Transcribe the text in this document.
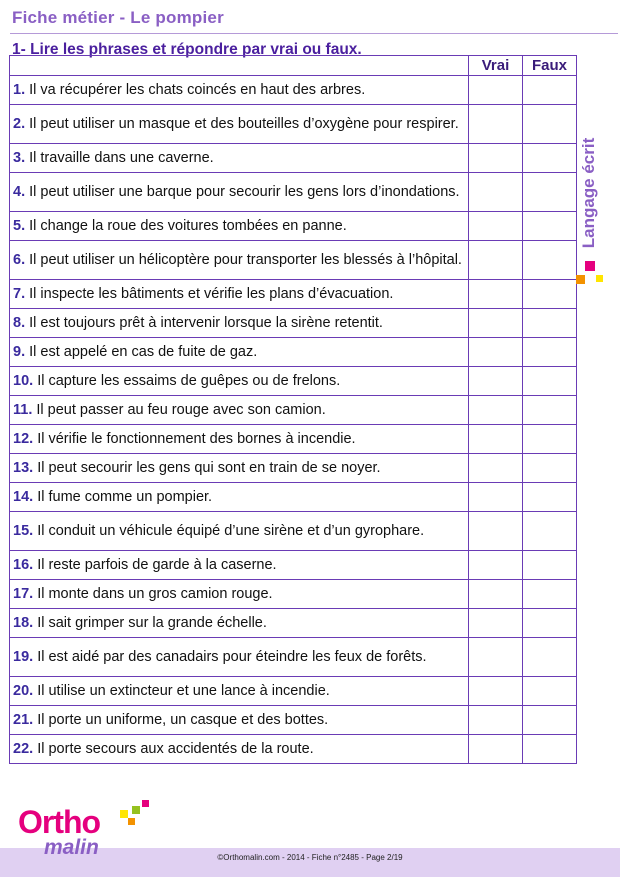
Fiche métier - Le pompier
1- Lire les phrases et répondre par vrai ou faux.
	Vrai	Faux
1. Il va récupérer les chats coincés en haut des arbres.		
2. Il peut utiliser un masque et des bouteilles d’oxygène pour respirer.		
3. Il travaille dans une caverne.		
4. Il peut utiliser une barque pour secourir les gens lors d’inondations.		
5. Il change la roue des voitures tombées en panne.		
6. Il peut utiliser un hélicoptère pour transporter les blessés à l’hôpital.		
7. Il inspecte les bâtiments et vérifie les plans d’évacuation.		
8. Il est toujours prêt à intervenir lorsque la sirène retentit.		
9. Il est appelé en cas de fuite de gaz.		
10. Il capture les essaims de guêpes ou de frelons.		
11. Il peut passer au feu rouge avec son camion.		
12. Il vérifie le fonctionnement des bornes à incendie.		
13. Il peut secourir les gens qui sont en train de se noyer.		
14. Il fume comme un pompier.		
15. Il conduit un véhicule équipé d’une sirène et d’un gyrophare.		
16. Il reste parfois de garde à la caserne.		
17. Il monte dans un gros camion rouge.		
18. Il sait grimper sur la grande échelle.		
19. Il est aidé par des canadairs pour éteindre les feux de forêts.		
20. Il utilise un extincteur et une lance à incendie.		
21. Il porte un uniforme, un casque et des bottes.		
22. Il porte secours aux accidentés de la route.		
Langage écrit
©Orthomalin.com - 2014 - Fiche n°2485 - Page 2/19
Ortho
malin
